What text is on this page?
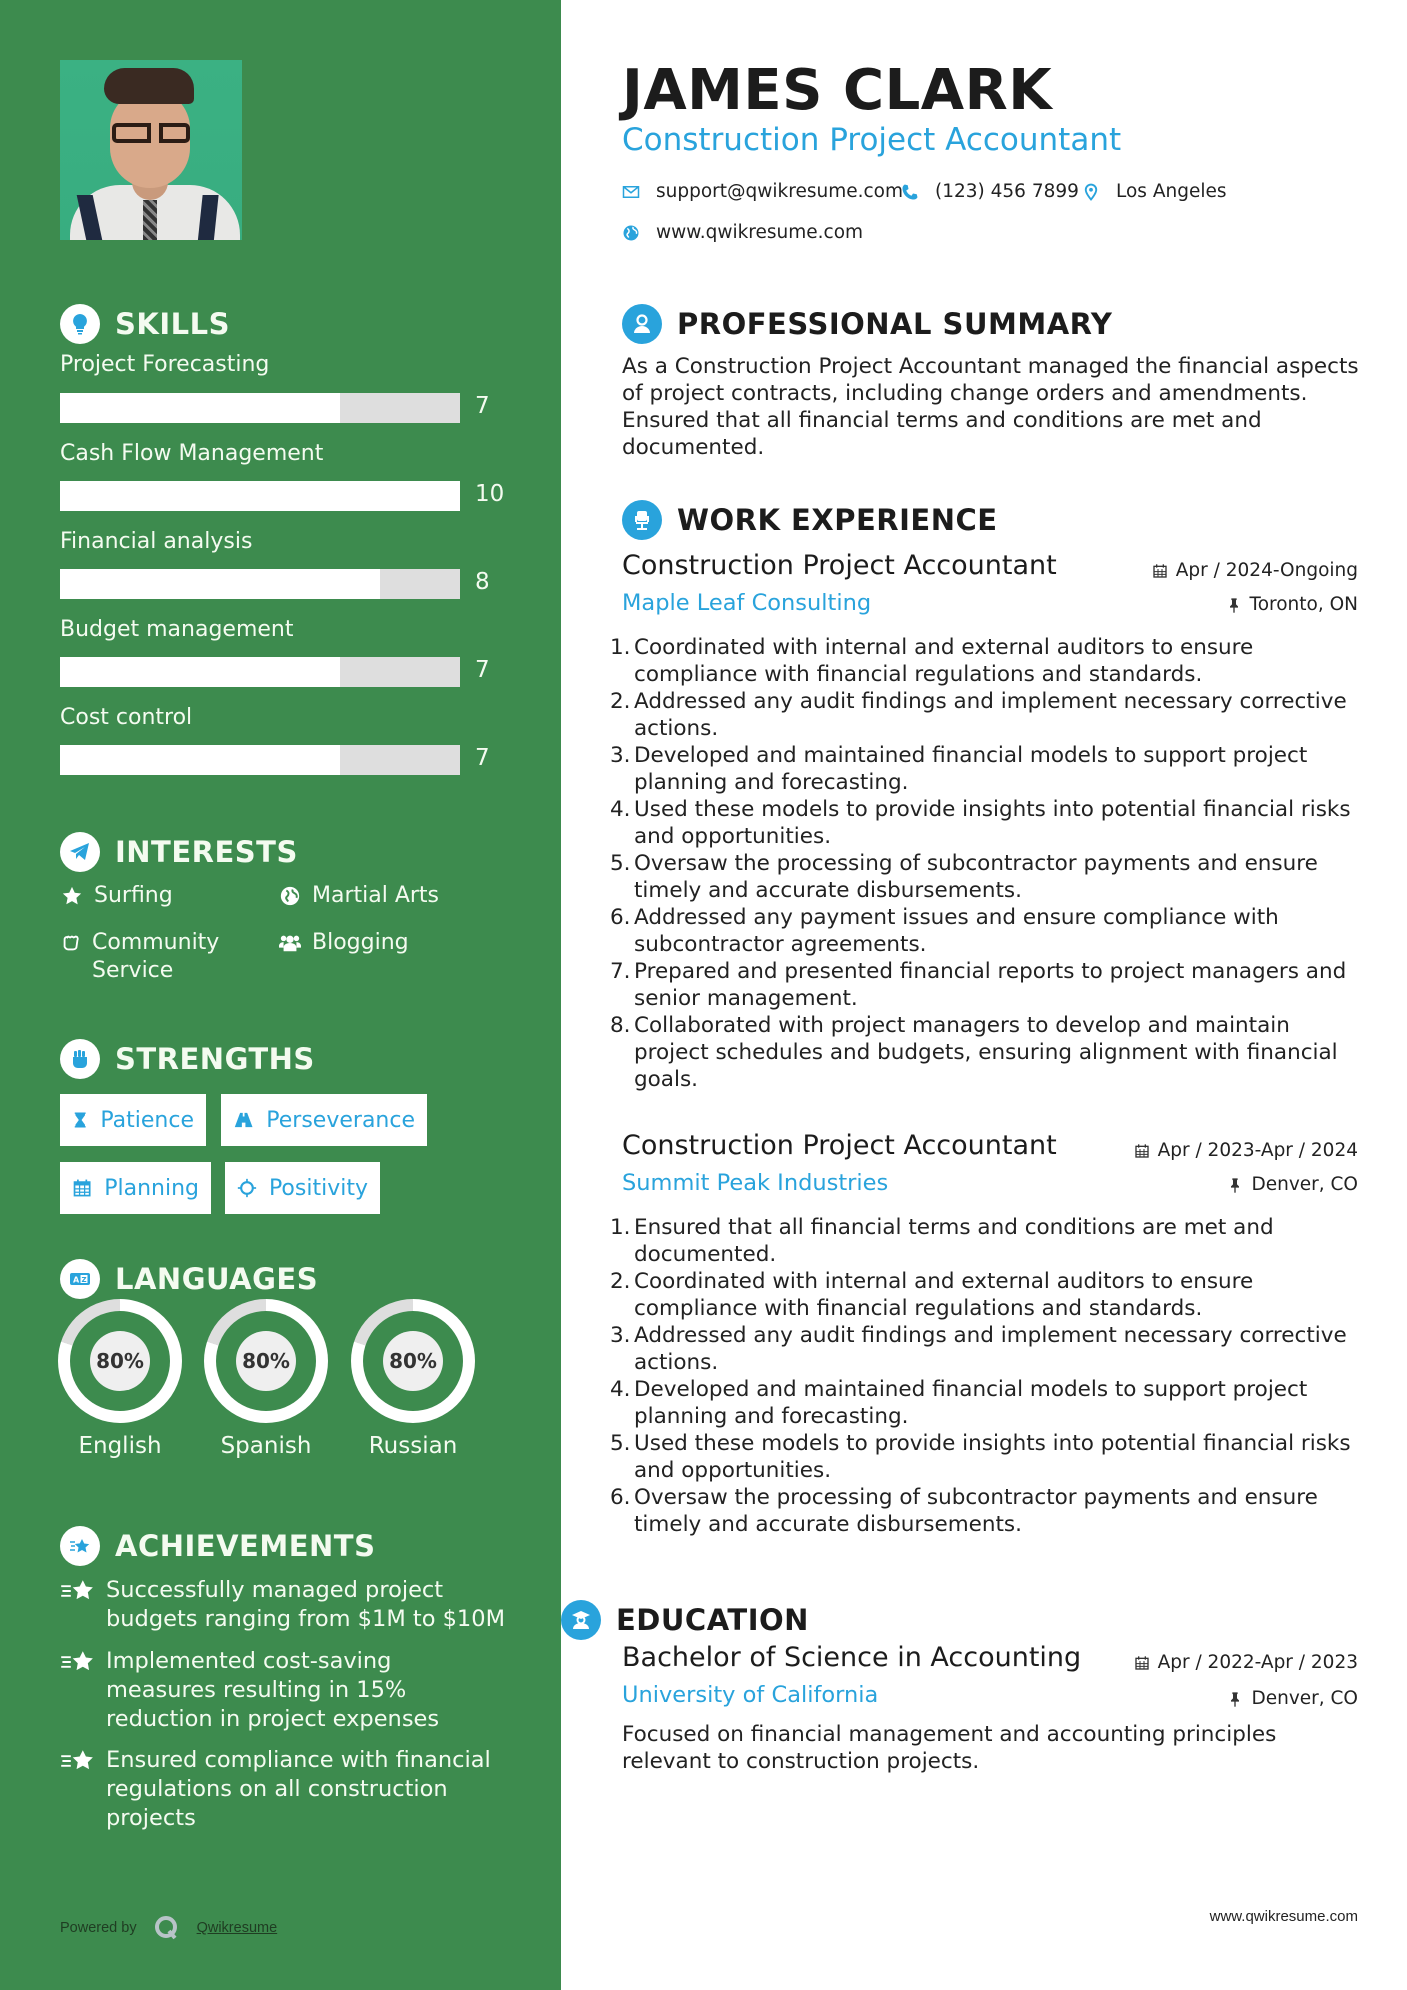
SKILLS
Project Forecasting
7
Cash Flow Management
10
Financial analysis
8
Budget management
7
Cost control
7
INTERESTS
Surfing	Martial Arts
Community Service
Blogging
STRENGTHS
Patience	Perseverance
Planning	Positivity
A Z LANGUAGES
80%
English
80%
Spanish
80%
Russian
ACHIEVEMENTS
Successfully managed project budgets ranging from $1M to $10M
Implemented cost-saving measures resulting in 15% reduction in project expenses
Ensured compliance with financial regulations on all construction projects
Powered by	Qwikresume
JAMES CLARK
Construction Project Accountant
support@qwikresume.com (123) 456 7899 Los Angeles
www.qwikresume.com
PROFESSIONAL SUMMARY

As a Construction Project Accountant managed the financial aspects of project contracts, including change orders and amendments. Ensured that all financial terms and conditions are met and documented.

WORK EXPERIENCE
Construction Project Accountant	Apr / 2024-Ongoing
Maple Leaf Consulting	Toronto, ON
1. Coordinated with internal and external auditors to ensure compliance with financial regulations and standards.
2. Addressed any audit findings and implement necessary corrective actions.
3. Developed and maintained financial models to support project planning and forecasting.
4. Used these models to provide insights into potential financial risks and opportunities.
5. Oversaw the processing of subcontractor payments and ensure timely and accurate disbursements.
6. Addressed any payment issues and ensure compliance with subcontractor agreements.
7. Prepared and presented financial reports to project managers and senior management.
8. Collaborated with project managers to develop and maintain project schedules and budgets, ensuring alignment with financial goals.
Construction Project Accountant	Apr / 2023-Apr / 2024
Summit Peak Industries	Denver, CO
1. Ensured that all financial terms and conditions are met and documented.
2. Coordinated with internal and external auditors to ensure compliance with financial regulations and standards.
3. Addressed any audit findings and implement necessary corrective actions.
4. Developed and maintained financial models to support project planning and forecasting.
5. Used these models to provide insights into potential financial risks and opportunities.
6. Oversaw the processing of subcontractor payments and ensure timely and accurate disbursements.
EDUCATION
Bachelor of Science in Accounting	Apr / 2022-Apr / 2023
University of California	Denver, CO

Focused on financial management and accounting principles relevant to construction projects.

www.qwikresume.com
